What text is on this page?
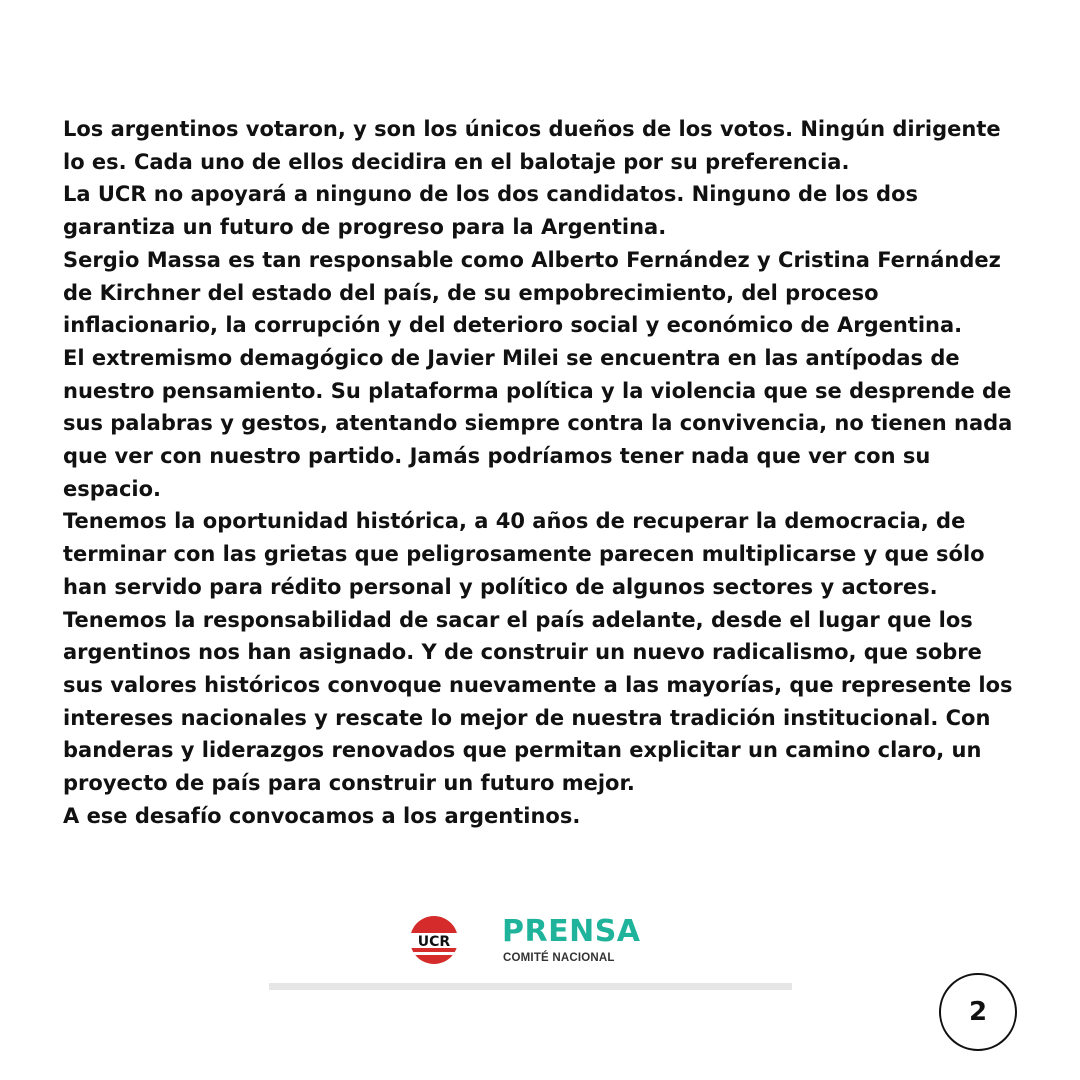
Los argentinos votaron, y son los únicos dueños de los votos. Ningún dirigente lo es. Cada uno de ellos decidira en el balotaje por su preferencia.

La UCR no apoyará a ninguno de los dos candidatos. Ninguno de los dos garantiza un futuro de progreso para la Argentina.

Sergio Massa es tan responsable como Alberto Fernández y Cristina Fernández de Kirchner del estado del país, de su empobrecimiento, del proceso inflacionario, la corrupción y del deterioro social y económico de Argentina.

El extremismo demagógico de Javier Milei se encuentra en las antípodas de nuestro pensamiento. Su plataforma política y la violencia que se desprende de sus palabras y gestos, atentando siempre contra la convivencia, no tienen nada que ver con nuestro partido. Jamás podríamos tener nada que ver con su espacio.

Tenemos la oportunidad histórica, a 40 años de recuperar la democracia, de terminar con las grietas que peligrosamente parecen multiplicarse y que sólo han servido para rédito personal y político de algunos sectores y actores.

Tenemos la responsabilidad de sacar el país adelante, desde el lugar que los argentinos nos han asignado. Y de construir un nuevo radicalismo, que sobre sus valores históricos convoque nuevamente a las mayorías, que represente los intereses nacionales y rescate lo mejor de nuestra tradición institucional. Con banderas y liderazgos renovados que permitan explicitar un camino claro, un proyecto de país para construir un futuro mejor.

A ese desafío convocamos a los argentinos.

UCR PRENSA
COMITÉ NACIONAL
2
